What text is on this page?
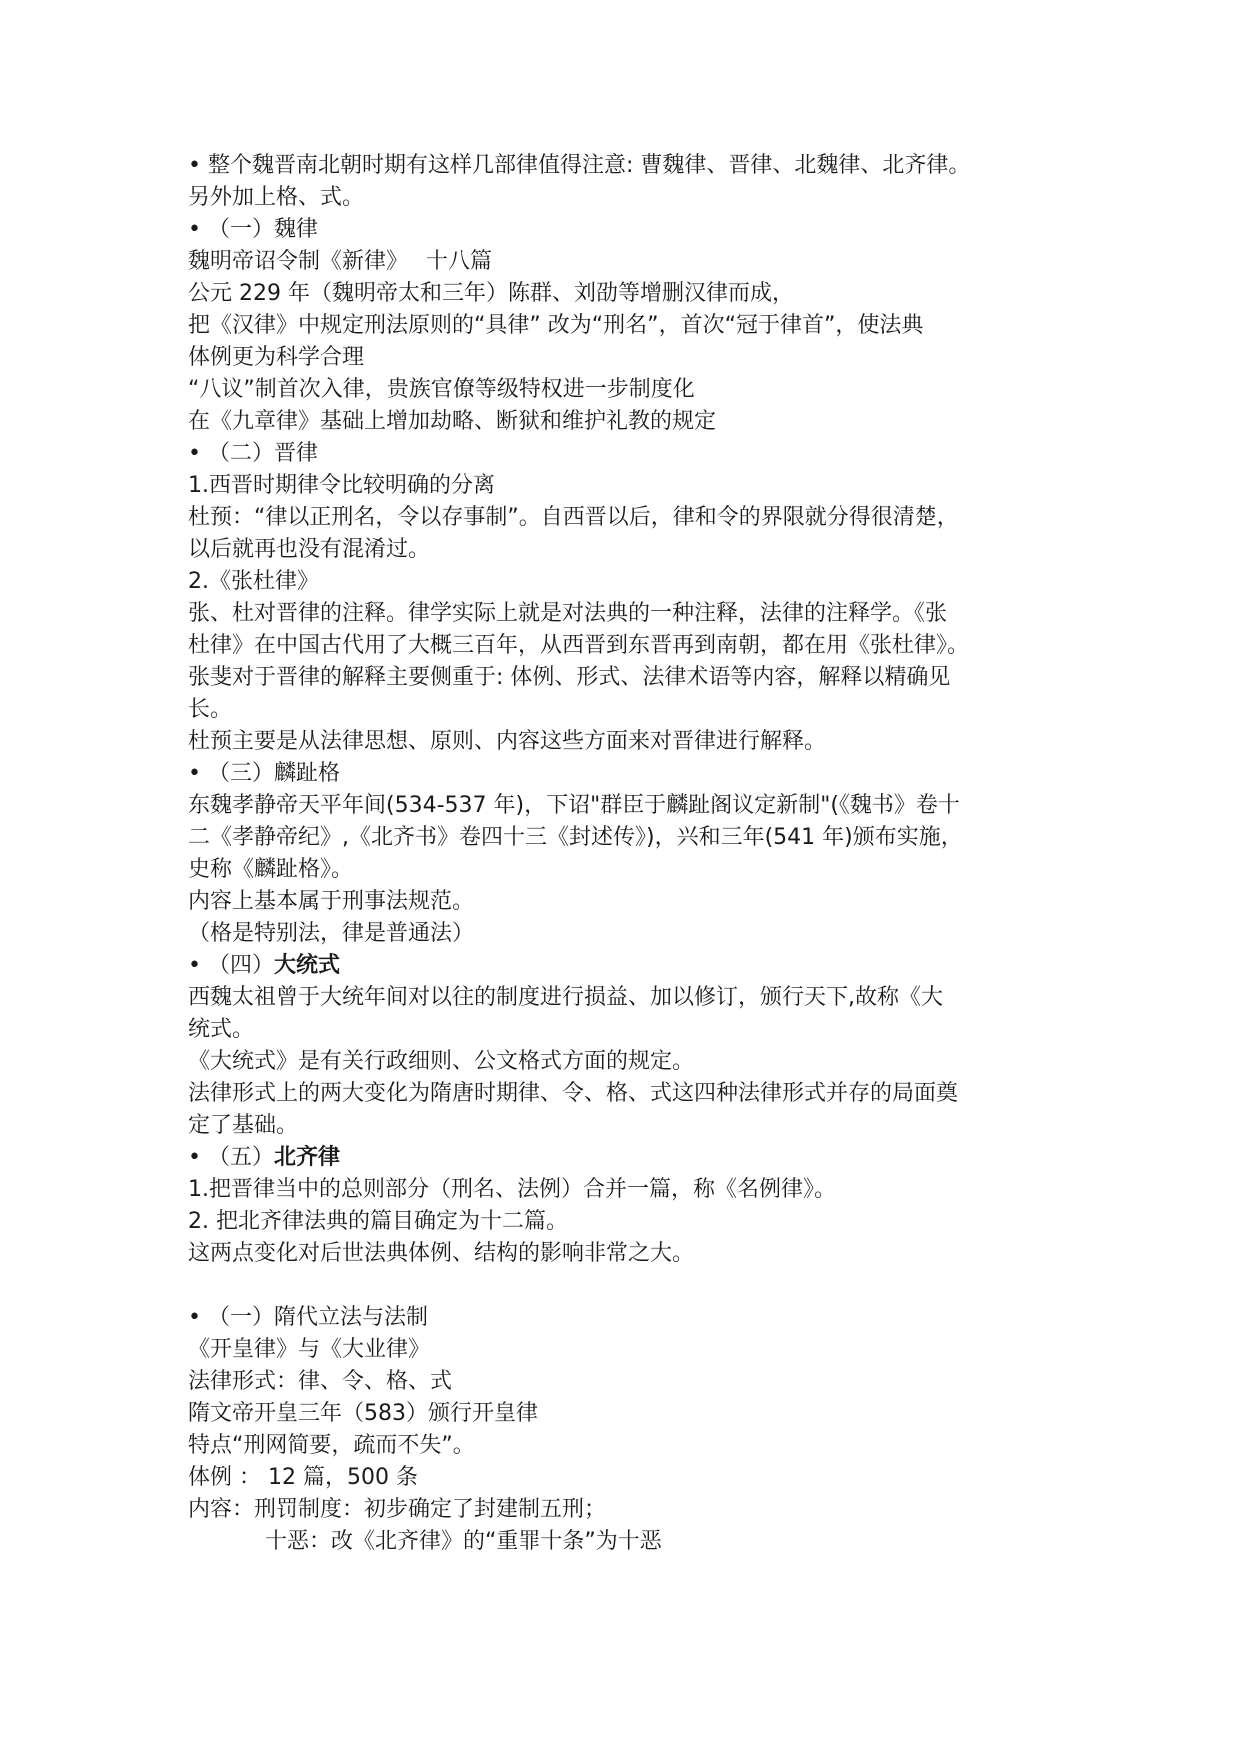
• 整个魏晋南北朝时期有这样几部律值得注意: 曹魏律、晋律、北魏律、北齐律。
另外加上格、式。
• （一）魏律
魏明帝诏令制《新律》　 十八篇
公元 229 年（魏明帝太和三年）陈群、刘劭等增删汉律而成，
把《汉律》中规定刑法原则的“具律” 改为“刑名”，首次“冠于律首”，使法典
体例更为科学合理
“八议”制首次入律，贵族官僚等级特权进一步制度化
在《九章律》基础上增加劫略、断狱和维护礼教的规定
• （二）晋律
1.西晋时期律令比较明确的分离
杜预：“律以正刑名，令以存事制”。自西晋以后，律和令的界限就分得很清楚，
以后就再也没有混淆过。
2.《张杜律》
张、杜对晋律的注释。律学实际上就是对法典的一种注释，法律的注释学。《张
杜律》在中国古代用了大概三百年，从西晋到东晋再到南朝，都在用《张杜律》。
张斐对于晋律的解释主要侧重于: 体例、形式、法律术语等内容，解释以精确见
长。
杜预主要是从法律思想、原则、内容这些方面来对晋律进行解释。
• （三）麟趾格
东魏孝静帝天平年间(534-537 年)，下诏"群臣于麟趾阁议定新制"(《魏书》卷十
二《孝静帝纪》,《北齐书》卷四十三《封述传》)，兴和三年(541 年)颁布实施，
史称《麟趾格》。
内容上基本属于刑事法规范。
（格是特别法，律是普通法）
• （四）大统式
西魏太祖曾于大统年间对以往的制度进行损益、加以修订，颁行天下,故称《大
统式。
《大统式》是有关行政细则、公文格式方面的规定。
法律形式上的两大变化为隋唐时期律、令、格、式这四种法律形式并存的局面奠
定了基础。
• （五）北齐律
1.把晋律当中的总则部分（刑名、法例）合并一篇，称《名例律》。
2. 把北齐律法典的篇目确定为十二篇。
这两点变化对后世法典体例、结构的影响非常之大。
• （一）隋代立法与法制
《开皇律》与《大业律》
法律形式：律、令、格、式
隋文帝开皇三年（583）颁行开皇律
特点“刑网简要，疏而不失”。
体例 ： 12 篇，500 条
内容：刑罚制度：初步确定了封建制五刑；
十恶：改《北齐律》的“重罪十条”为十恶
